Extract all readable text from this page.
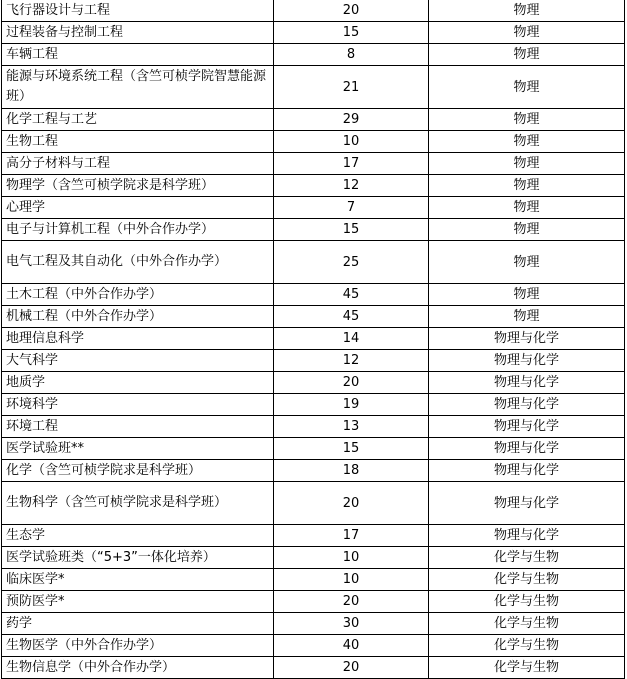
飞行器设计与工程	20	物理
过程装备与控制工程	15	物理
车辆工程	8	物理
能源与环境系统工程（含竺可桢学院智慧能源班）	21	物理
化学工程与工艺	29	物理
生物工程	10	物理
高分子材料与工程	17	物理
物理学（含竺可桢学院求是科学班）	12	物理
心理学	7	物理
电子与计算机工程（中外合作办学）	15	物理
电气工程及其自动化（中外合作办学）	25	物理
土木工程（中外合作办学）	45	物理
机械工程（中外合作办学）	45	物理
地理信息科学	14	物理与化学
大气科学	12	物理与化学
地质学	20	物理与化学
环境科学	19	物理与化学
环境工程	13	物理与化学
医学试验班**	15	物理与化学
化学（含竺可桢学院求是科学班）	18	物理与化学
生物科学（含竺可桢学院求是科学班）	20	物理与化学
生态学	17	物理与化学
医学试验班类（“5+3”一体化培养）	10	化学与生物
临床医学*	10	化学与生物
预防医学*	20	化学与生物
药学	30	化学与生物
生物医学（中外合作办学）	40	化学与生物
生物信息学（中外合作办学）	20	化学与生物
